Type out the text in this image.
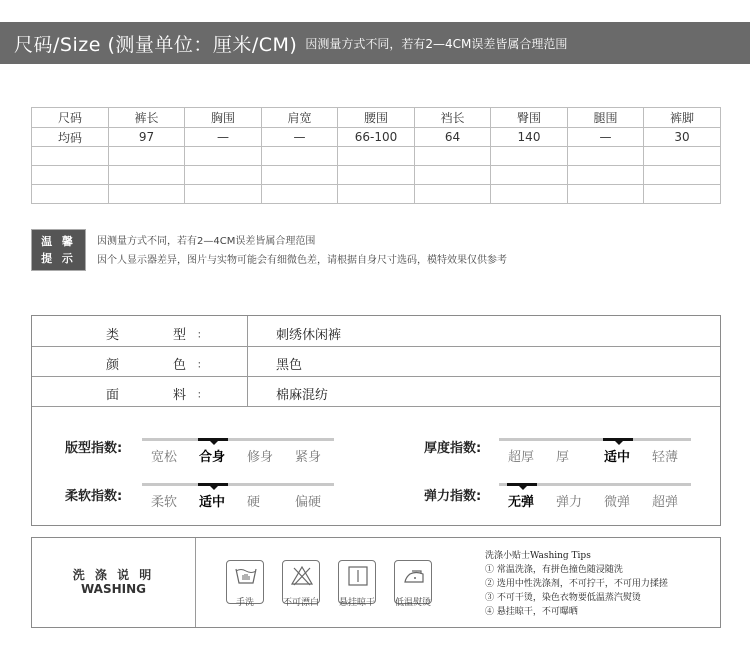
尺码/Size (测量单位：厘米/CM) 因测量方式不同，若有2—4CM误差皆属合理范围
尺码	裤长	胸围	肩宽	腰围	裆长	臀围	腿围	裤脚
均码	97	—	—	66-100	64	140	—	30

温 馨
提 示
因测量方式不同，若有2—4CM误差皆属合理范围
因个人显示器差异，图片与实物可能会有细微色差，请根据自身尺寸选码，模特效果仅供参考
类	型 ：	刺绣休闲裤
颜	色 ：	黑色
面	料 ：	棉麻混纺
版型指数:
宽松 合身 修身 紧身
厚度指数:
超厚 厚	适中 轻薄
柔软指数: 柔软 适中 硬	偏硬	弹力指数: 无弹 弹力 微弹 超弹
洗 涤 说 明
WASHING
手洗	不可漂白	悬挂晾干	低温熨烫
洗涤小贴士Washing Tips
① 常温洗涤，有拼色撞色随浸随洗
② 选用中性洗涤剂，不可拧干，不可用力揉搓
③ 不可干烫，染色衣物要低温蒸汽熨烫
④ 悬挂晾干，不可曝晒
